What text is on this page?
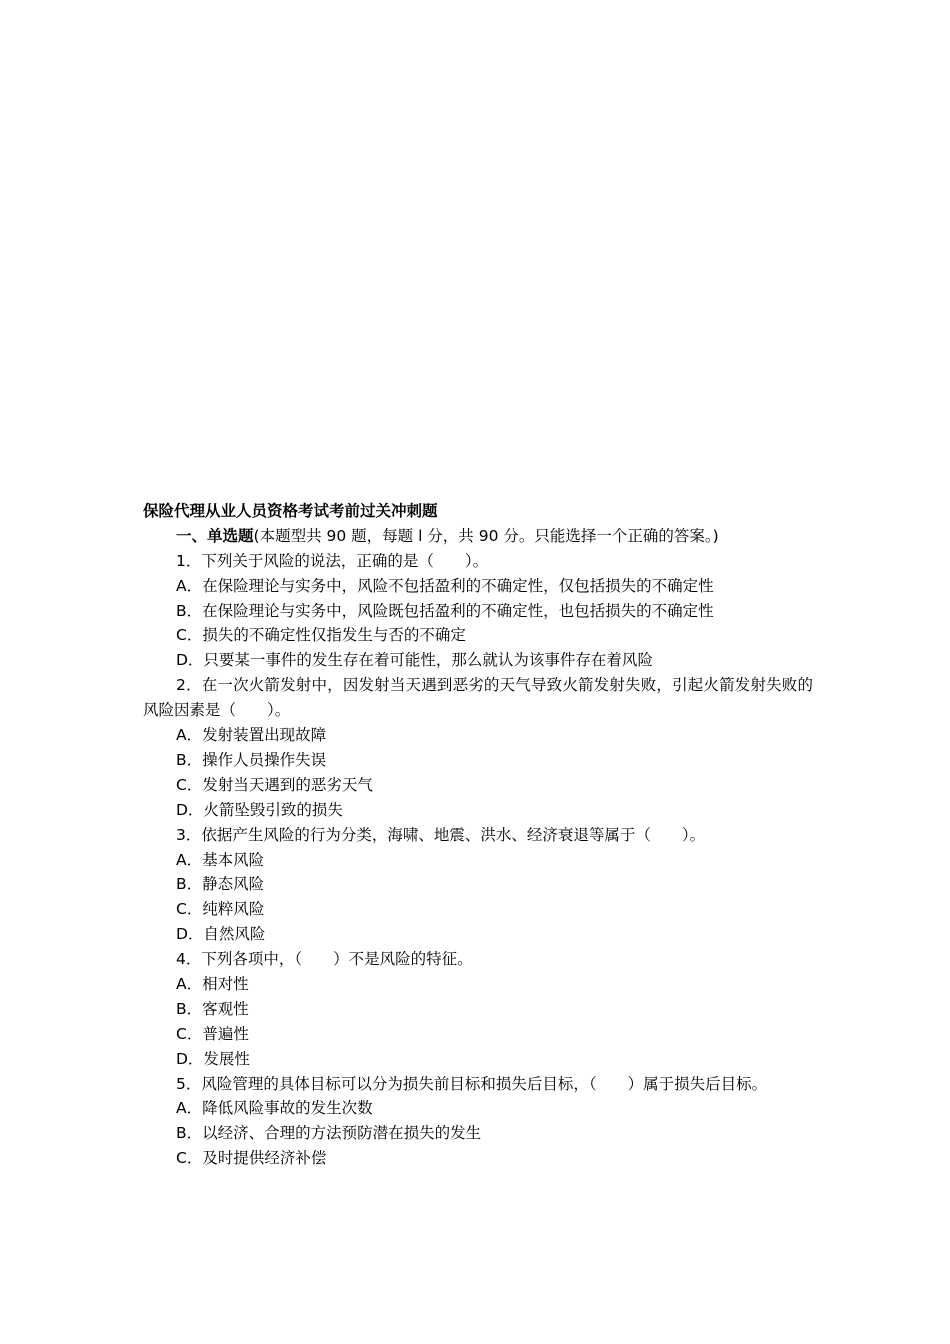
保险代理从业人员资格考试考前过关冲刺题

一、单选题(本题型共 90 题，每题 l 分，共 90 分。只能选择一个正确的答案。)

1．下列关于风险的说法，正确的是（　　）。

A．在保险理论与实务中，风险不包括盈利的不确定性，仅包括损失的不确定性

B．在保险理论与实务中，风险既包括盈利的不确定性，也包括损失的不确定性

C．损失的不确定性仅指发生与否的不确定

D．只要某一事件的发生存在着可能性，那么就认为该事件存在着风险

2．在一次火箭发射中，因发射当天遇到恶劣的天气导致火箭发射失败，引起火箭发射失败的风险因素是（　　）。

A．发射装置出现故障

B．操作人员操作失误

C．发射当天遇到的恶劣天气

D．火箭坠毁引致的损失

3．依据产生风险的行为分类，海啸、地震、洪水、经济衰退等属于（　　）。

A．基本风险

B．静态风险

C．纯粹风险

D．自然风险

4．下列各项中，（　　）不是风险的特征。

A．相对性

B．客观性

C．普遍性

D．发展性

5．风险管理的具体目标可以分为损失前目标和损失后目标，（　　）属于损失后目标。

A．降低风险事故的发生次数

B．以经济、合理的方法预防潜在损失的发生

C．及时提供经济补偿
